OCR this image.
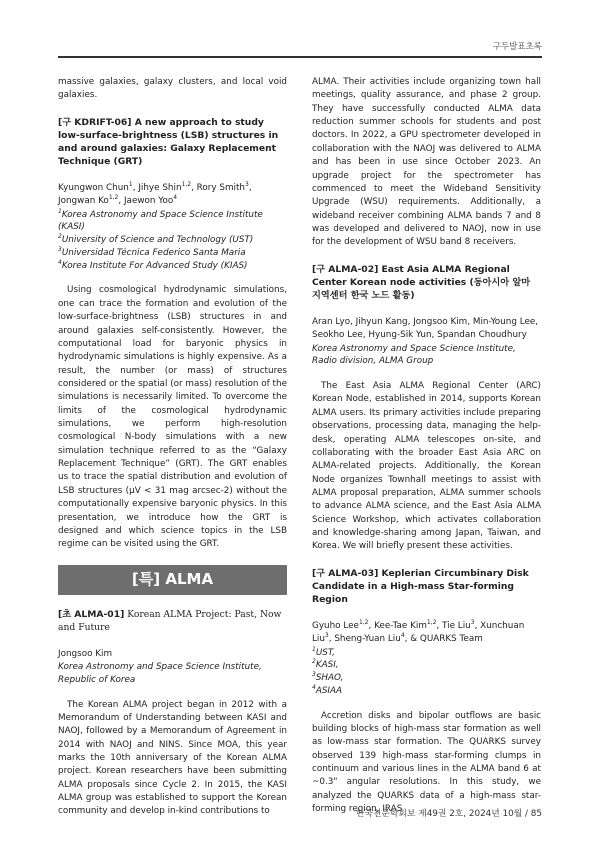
구두발표초록

massive galaxies, galaxy clusters, and local void galaxies.

[구 KDRIFT-06] A new approach to study low-surface-brightness (LSB) structures in and around galaxies: Galaxy Replacement Technique (GRT)
Kyungwon Chun$^1$, Jihye Shin$^{1,2}$, Rory Smith$^3$, Jongwan Ko$^{1,2}$, Jaewon Yoo$^4$
$^1$Korea Astronomy and Space Science Institute (KASI)
$^2$University of Science and Technology (UST)
$^3$Universidad Técnica Federico Santa Maria
$^4$Korea Institute For Advanced Study (KIAS)

Using cosmological hydrodynamic simulations, one can trace the formation and evolution of the low-surface-brightness (LSB) structures in and around galaxies self-consistently. However, the computational load for baryonic physics in hydrodynamic simulations is highly expensive. As a result, the number (or mass) of structures considered or the spatial (or mass) resolution of the simulations is necessarily limited. To overcome the limits of the cosmological hydrodynamic simulations, we perform high-resolution cosmological N-body simulations with a new simulation technique referred to as the “Galaxy Replacement Technique” (GRT). The GRT enables us to trace the spatial distribution and evolution of LSB structures (μV < 31 mag arcsec-2) without the computationally expensive baryonic physics. In this presentation, we introduce how the GRT is designed and which science topics in the LSB regime can be visited using the GRT.

[특] ALMA
[초 ALMA-01] Korean ALMA Project: Past, Now and Future
Jongsoo Kim
Korea Astronomy and Space Science Institute, Republic of Korea

The Korean ALMA project began in 2012 with a Memorandum of Understanding between KASI and NAOJ, followed by a Memorandum of Agreement in 2014 with NAOJ and NINS. Since MOA, this year marks the 10th anniversary of the Korean ALMA project. Korean researchers have been submitting ALMA proposals since Cycle 2. In 2015, the KASI ALMA group was established to support the Korean community and develop in-kind contributions to

ALMA. Their activities include organizing town hall meetings, quality assurance, and phase 2 group. They have successfully conducted ALMA data reduction summer schools for students and post doctors. In 2022, a GPU spectrometer developed in collaboration with the NAOJ was delivered to ALMA and has been in use since October 2023. An upgrade project for the spectrometer has commenced to meet the Wideband Sensitivity Upgrade (WSU) requirements. Additionally, a wideband receiver combining ALMA bands 7 and 8 was developed and delivered to NAOJ, now in use for the development of WSU band 8 receivers.

[구 ALMA-02] East Asia ALMA Regional Center Korean node activities (동아시아 알마 지역센터 한국 노드 활동)
Aran Lyo, Jihyun Kang, Jongsoo Kim, Min-Young Lee, Seokho Lee, Hyung-Sik Yun, Spandan Choudhury
Korea Astronomy and Space Science Institute, Radio division, ALMA Group

The East Asia ALMA Regional Center (ARC) Korean Node, established in 2014, supports Korean ALMA users. Its primary activities include preparing observations, processing data, managing the help-desk, operating ALMA telescopes on-site, and collaborating with the broader East Asia ARC on ALMA-related projects. Additionally, the Korean Node organizes Townhall meetings to assist with ALMA proposal preparation, ALMA summer schools to advance ALMA science, and the East Asia ALMA Science Workshop, which activates collaboration and knowledge-sharing among Japan, Taiwan, and Korea. We will briefly present these activities.

[구 ALMA-03] Keplerian Circumbinary Disk Candidate in a High-mass Star-forming Region
Gyuho Lee$^{1,2}$, Kee-Tae Kim$^{1,2}$, Tie Liu$^3$, Xunchuan Liu$^3$, Sheng-Yuan Liu$^4$, & QUARKS Team
$^1$UST,
$^2$KASI,
$^3$SHAO,
$^4$ASIAA

Accretion disks and bipolar outflows are basic building blocks of high-mass star formation as well as low-mass star formation. The QUARKS survey observed 139 high-mass star-forming clumps in continuum and various lines in the ALMA band 6 at ~0.3" angular resolutions. In this study, we analyzed the QUARKS data of a high-mass star-forming region, IRAS

한국천문학회보 제49권 2호, 2024년 10월 / 85
